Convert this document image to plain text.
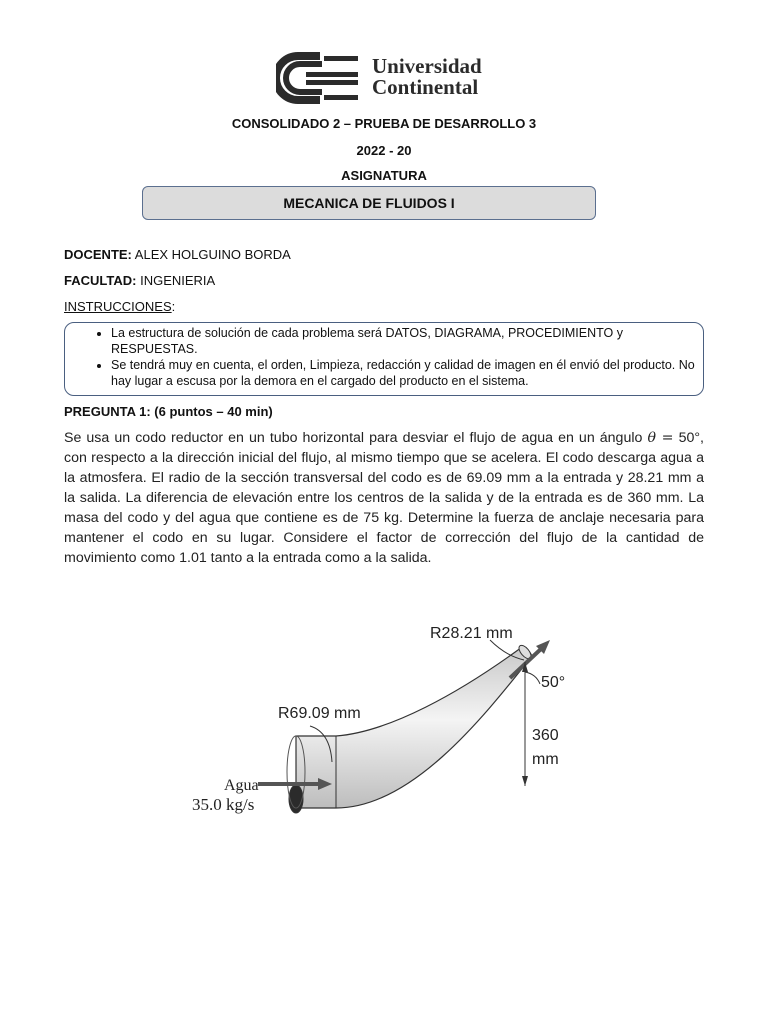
Universidad
Continental
CONSOLIDADO 2 – PRUEBA DE DESARROLLO 3
2022 - 20
ASIGNATURA
MECANICA DE FLUIDOS I
DOCENTE: ALEX HOLGUINO BORDA
FACULTAD: INGENIERIA
INSTRUCCIONES:
• La estructura de solución de cada problema será DATOS, DIAGRAMA, PROCEDIMIENTO y RESPUESTAS.
• Se tendrá muy en cuenta, el orden, Limpieza, redacción y calidad de imagen en él envió del producto. No hay lugar a escusa por la demora en el cargado del producto en el sistema.
PREGUNTA 1: (6 puntos – 40 min)
Se usa un codo reductor en un tubo horizontal para desviar el flujo de agua en un ángulo θ = 50°, con respecto a la dirección inicial del flujo, al mismo tiempo que se acelera. El codo descarga agua a la atmosfera. El radio de la sección transversal del codo es de 69.09 mm a la entrada y 28.21 mm a la salida. La diferencia de elevación entre los centros de la salida y de la entrada es de 360 mm. La masa del codo y del agua que contiene es de 75 kg. Determine la fuerza de anclaje necesaria para mantener el codo en su lugar. Considere el factor de corrección del flujo de la cantidad de movimiento como 1.01 tanto a la entrada como a la salida.
R28.21 mm
R69.09 mm
50°
360
mm
Agua
35.0 kg/s
